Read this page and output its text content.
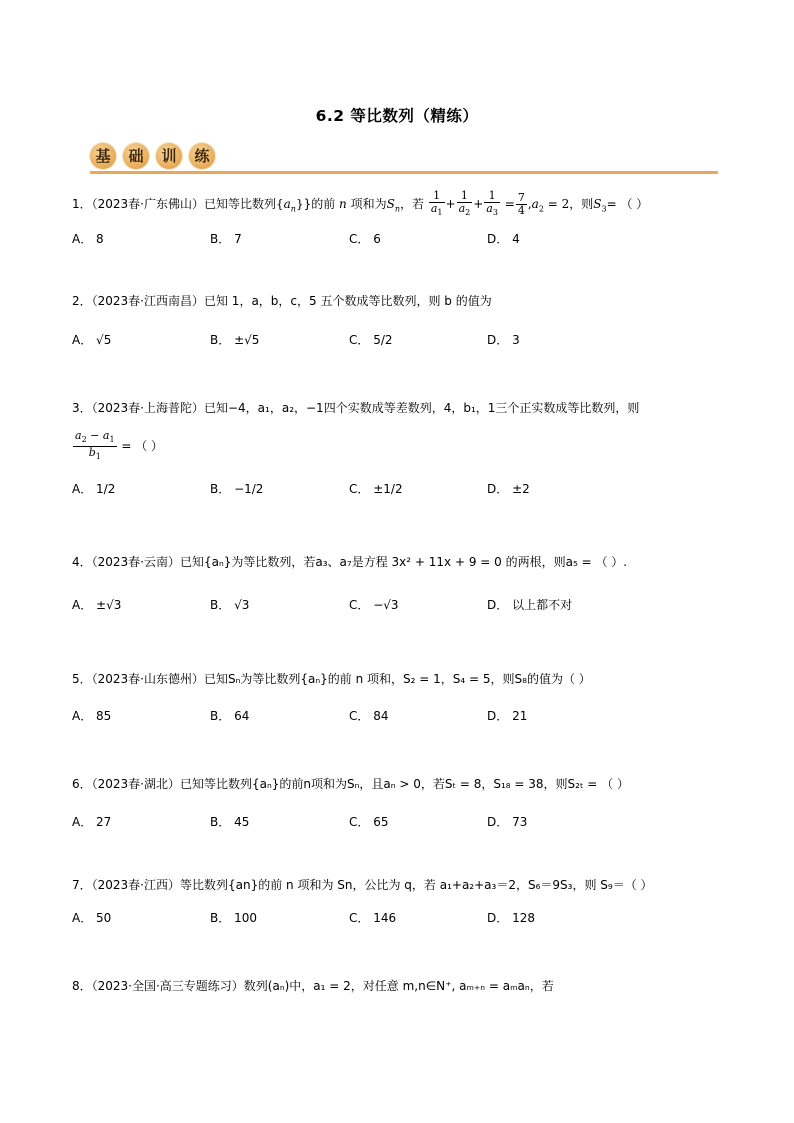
6.2 等比数列（精练）
基	础	训	练
1．（2023春·广东佛山）已知等比数列$\{a_n\}$}的前 n 项和为$S_n$，若 $\frac{1}{a_1} + \frac{1}{a_2} + \frac{1}{a_3} = \frac{7}{4} ,a_2 = 2$，则$S_3=$ （ ）
A． 8	B． 7	C． 6	D． 4
2．（2023春·江西南昌）已知 1，a，b，c，5 五个数成等比数列，则 b 的值为
A． √5	B． ±√5	C． 5/2	D． 3
3．（2023春·上海普陀）已知−4，a₁，a₂，−1四个实数成等差数列，4，b₁，1三个正实数成等比数列，则
$\frac{a_2 - a_1}{b_1}$ = （ ）
A． 1/2	B． −1/2	C． ±1/2	D． ±2
4．（2023春·云南）已知{aₙ}为等比数列，若a₃、a₇是方程 3x² + 11x + 9 = 0 的两根，则a₅ = （ ）.
A． ±√3	B． √3	C． −√3	D． 以上都不对
5．（2023春·山东德州）已知Sₙ为等比数列{aₙ}的前 n 项和，S₂ = 1，S₄ = 5，则S₈的值为（ ）
A． 85	B． 64	C． 84	D． 21
6．（2023春·湖北）已知等比数列{aₙ}的前n项和为Sₙ，且aₙ > 0，若Sₜ = 8，S₁₈ = 38，则S₂ₜ = （ ）
A． 27	B． 45	C． 65	D． 73
7．（2023春·江西）等比数列{an}的前 n 项和为 Sn，公比为 q，若 a₁+a₂+a₃＝2，S₆＝9S₃，则 S₉＝（ ）
A． 50	B． 100	C． 146	D． 128
8．（2023·全国·高三专题练习）数列(aₙ)中，a₁ = 2，对任意 m,n∈N⁺, aₘ₊ₙ = aₘaₙ，若
